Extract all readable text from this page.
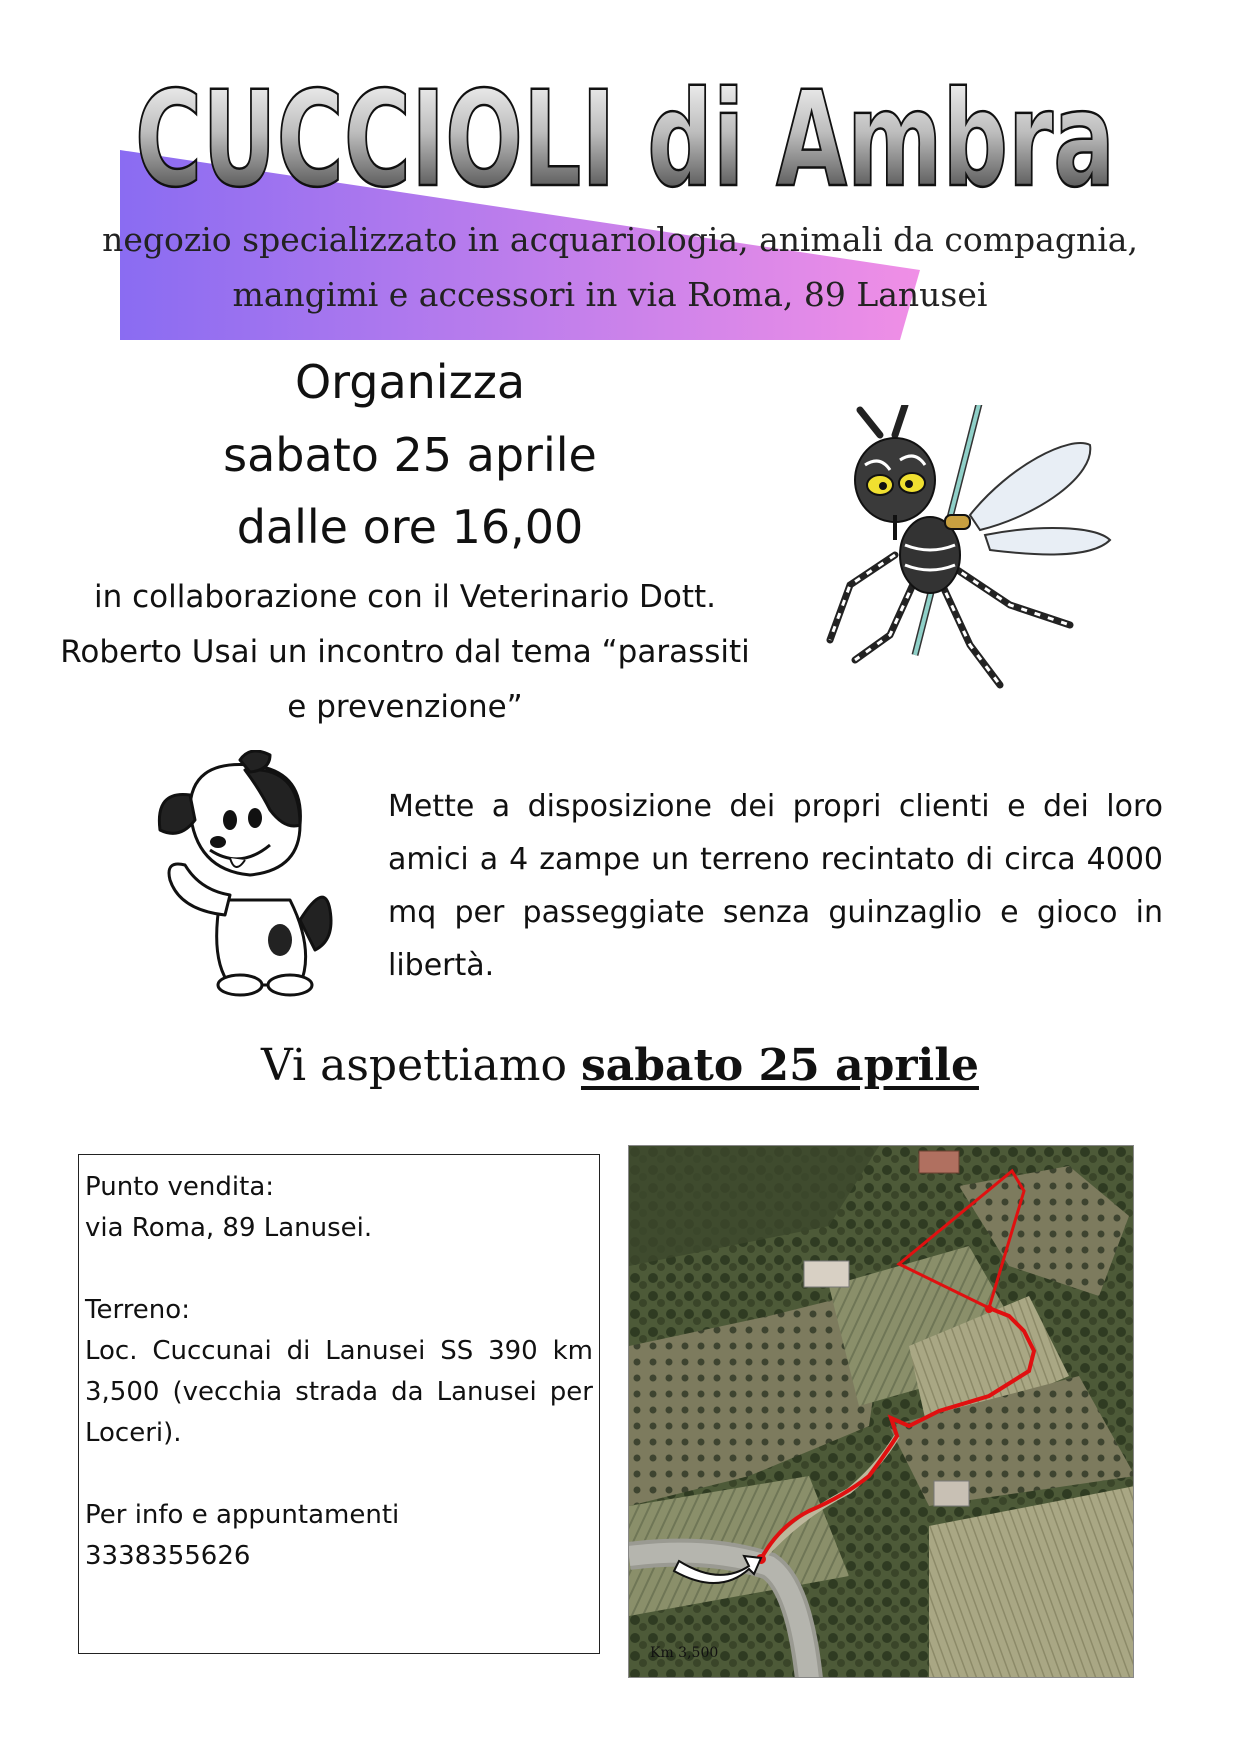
CUCCIOLI di Ambra
negozio specializzato in acquariologia, animali da compagnia,
mangimi e accessori in via Roma, 89 Lanusei
Organizza
sabato 25 aprile
dalle ore 16,00
in collaborazione con il Veterinario Dott. Roberto Usai un incontro dal tema “parassiti e prevenzione”
Mette a disposizione dei propri clienti e dei loro amici a 4 zampe un terreno recintato di circa 4000 mq per passeggiate senza guinzaglio e gioco in libertà.
Vi aspettiamo sabato 25 aprile
Punto vendita:
via Roma, 89 Lanusei.
Terreno:
Loc. Cuccunai di Lanusei SS 390 km 3,500 (vecchia strada da Lanusei per Loceri).
Per info e appuntamenti
3338355626
Km 3,500
